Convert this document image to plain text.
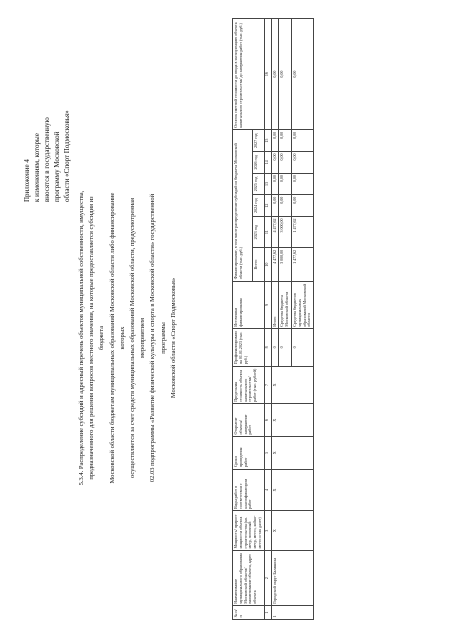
Приложение 4 к изменениям, которые вносятся в государственную программу Московской области «Спорт Подмосковья»
5.3.4. Распределение субсидий и адресный перечень объектов муниципальной собственности, имущества, предназначенного для решения вопросов местного значения, на которые предоставляется субсидия из бюджета Московской области бюджетам муниципальных образований Московской области либо финансирование которых осуществляется за счет средств муниципальных образований Московской области, предусмотренная мероприятием 02.03 подпрограммы «Развитие физической культуры и спорта в Московской области» государственной программы Московской области «Спорт Подмосковья»
№ п/п	Наименование муниципального образования Московской области/наименование объекта, адрес объекта	Мощность/ прирост мощности объекта строительства (кв. метр, погонный метр, место, койко-место и так далее)	Виды работ в соответствии с классификатором работ	Сроки проведения работ	Открытие объекта/ завершение работ	Предельная стоимость объекта капитального строительства/ работ (тыс. рублей)	Профинансировано на 01.01.2023 (тыс. руб.)	Источники финансирования	Финансирование, в том числе распределение субсидий из бюджета Московской области (тыс. руб.)						Остаток сметной стоимости до ввода в эксплуатацию объекта капитального строительства/ до завершения работ (тыс. руб.)
									Всего	2023 год	2024 год	2025 год	2026 год	2027 год	
1	2	3	4	5	6	7	8	9	10	11	12	13	14	15	16
1	Городской округ Балашиха	Х	Х	Х	Х	Х	0	Итого	4 477,62	4 477,62	0,00	0,00	0,00	0,00	0,00
							0	Средства бюджета Московской области	3 000,00	3 000,00	0,00	0,00	0,00	0,00	0,00
							0	Средства бюджетов муниципальных образований Московской области	1 477,62	1 477,62	0,00	0,00	0,00	0,00	0,00
